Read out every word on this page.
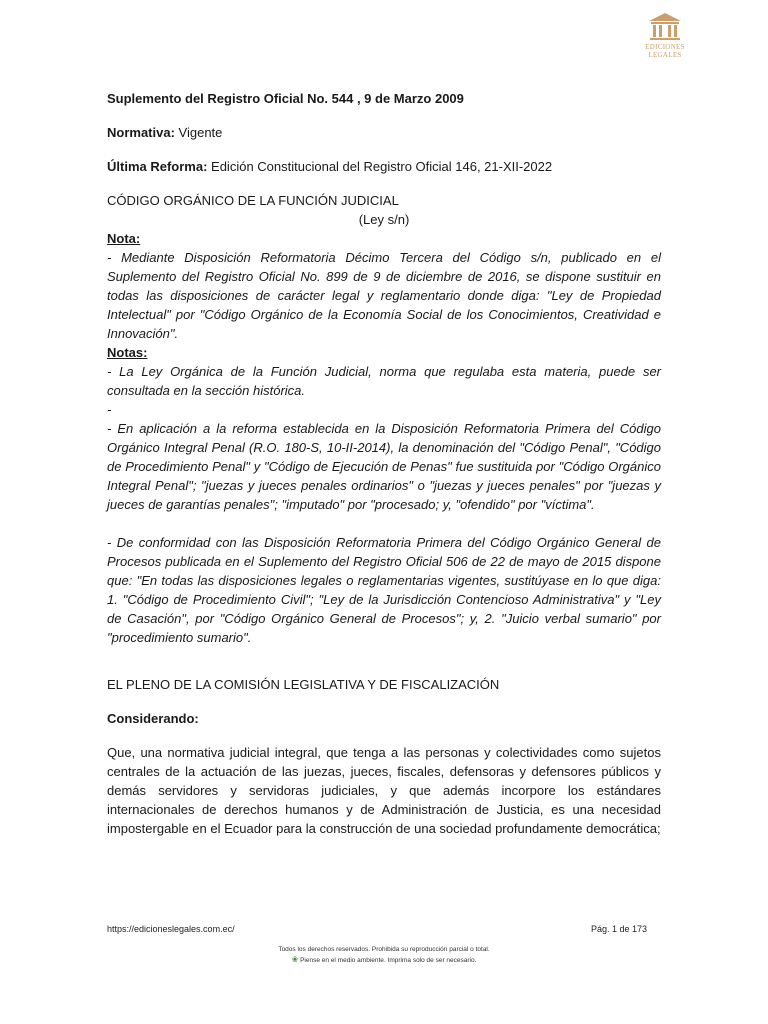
EDICIONES
LEGALES

Suplemento del Registro Oficial No. 544 , 9 de Marzo 2009

Normativa: Vigente

Última Reforma: Edición Constitucional del Registro Oficial 146, 21-XII-2022

CÓDIGO ORGÁNICO DE LA FUNCIÓN JUDICIAL

(Ley s/n)

Nota:

- Mediante Disposición Reformatoria Décimo Tercera del Código s/n, publicado en el Suplemento del Registro Oficial No. 899 de 9 de diciembre de 2016, se dispone sustituir en todas las disposiciones de carácter legal y reglamentario donde diga: "Ley de Propiedad Intelectual" por "Código Orgánico de la Economía Social de los Conocimientos, Creatividad e Innovación".

Notas:

- La Ley Orgánica de la Función Judicial, norma que regulaba esta materia, puede ser consultada en la sección histórica.

-

- En aplicación a la reforma establecida en la Disposición Reformatoria Primera del Código Orgánico Integral Penal (R.O. 180-S, 10-II-2014), la denominación del "Código Penal", "Código de Procedimiento Penal" y "Código de Ejecución de Penas" fue sustituida por "Código Orgánico Integral Penal"; "juezas y jueces penales ordinarios" o "juezas y jueces penales" por "juezas y jueces de garantías penales"; "imputado" por "procesado; y, "ofendido" por "víctima".

- De conformidad con las Disposición Reformatoria Primera del Código Orgánico General de Procesos publicada en el Suplemento del Registro Oficial 506 de 22 de mayo de 2015 dispone que: "En todas las disposiciones legales o reglamentarias vigentes, sustitúyase en lo que diga: 1. "Código de Procedimiento Civil"; "Ley de la Jurisdicción Contencioso Administrativa" y "Ley de Casación", por "Código Orgánico General de Procesos"; y, 2. "Juicio verbal sumario" por "procedimiento sumario".

EL PLENO DE LA COMISIÓN LEGISLATIVA Y DE FISCALIZACIÓN

Considerando:

Que, una normativa judicial integral, que tenga a las personas y colectividades como sujetos centrales de la actuación de las juezas, jueces, fiscales, defensoras y defensores públicos y demás servidores y servidoras judiciales, y que además incorpore los estándares internacionales de derechos humanos y de Administración de Justicia, es una necesidad impostergable en el Ecuador para la construcción de una sociedad profundamente democrática;

https://edicioneslegales.com.ec/	Pág. 1 de 173
Todos los derechos reservados. Prohibida su reproducción parcial o total.
❀ Piense en el medio ambiente. Imprima solo de ser necesario.
